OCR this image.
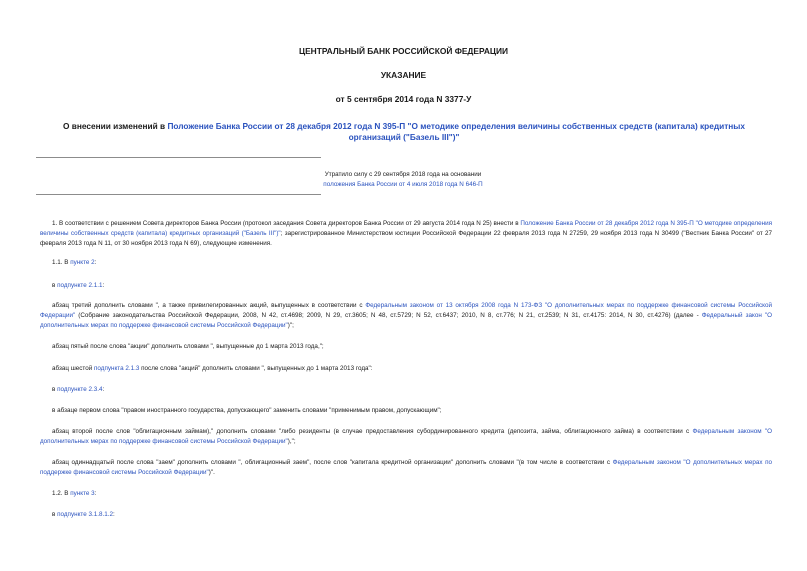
ЦЕНТРАЛЬНЫЙ БАНК РОССИЙСКОЙ ФЕДЕРАЦИИ
УКАЗАНИЕ
от 5 сентября 2014 года N 3377-У
О внесении изменений в Положение Банка России от 28 декабря 2012 года N 395-П "О методике определения величины собственных средств (капитала) кредитных организаций ("Базель III")"
Утратило силу с 29 сентября 2018 года на основании
положения Банка России от 4 июля 2018 года N 646-П
1. В соответствии с решением Совета директоров Банка России (протокол заседания Совета директоров Банка России от 29 августа 2014 года N 25) внести в Положение Банка России от 28 декабря 2012 года N 395-П "О методике определения величины собственных средств (капитала) кредитных организаций ("Базель III")"; зарегистрированное Министерством юстиции Российской Федерации 22 февраля 2013 года N 27259, 29 ноября 2013 года N 30499 ("Вестник Банка России" от 27 февраля 2013 года N 11, от 30 ноября 2013 года N 69), следующие изменения.
1.1. В пункте 2:
в подпункте 2.1.1:
абзац третий дополнить словами ", а также привилегированных акций, выпущенных в соответствии с Федеральным законом от 13 октября 2008 года N 173-ФЗ "О дополнительных мерах по поддержке финансовой системы Российской Федерации" (Собрание законодательства Российской Федерации, 2008, N 42, ст.4698; 2009, N 29, ст.3605; N 48, ст.5729; N 52, ст.6437; 2010, N 8, ст.776; N 21, ст.2539; N 31, ст.4175: 2014, N 30, ст.4276) (далее - Федеральный закон "О дополнительных мерах по поддержке финансовой системы Российской Федерации")";
абзац пятый после слова "акции" дополнить словами ", выпущенные до 1 марта 2013 года,";
абзац шестой подпункта 2.1.3 после слова "акций" дополнить словами ", выпущенных до 1 марта 2013 года":
в подпункте 2.3.4:
в абзаце первом слова "правом иностранного государства, допускающего" заменить словами "применимым правом, допускающим";
абзац второй после слов "облигационным займам)," дополнить словами "либо резиденты (в случае предоставления субординированного кредита (депозита, займа, облигационного займа) в соответствии с Федеральным законом "О дополнительных мерах по поддержке финансовой системы Российской Федерации"),";
абзац одиннадцатый после слова "заем" дополнить словами ", облигационный заем", после слов "капитала кредитной организации" дополнить словами "(в том числе в соответствии с Федеральным законом "О дополнительных мерах по поддержке финансовой системы Российской Федерации")".
1.2. В пункте 3:
в подпункте 3.1.8.1.2:
